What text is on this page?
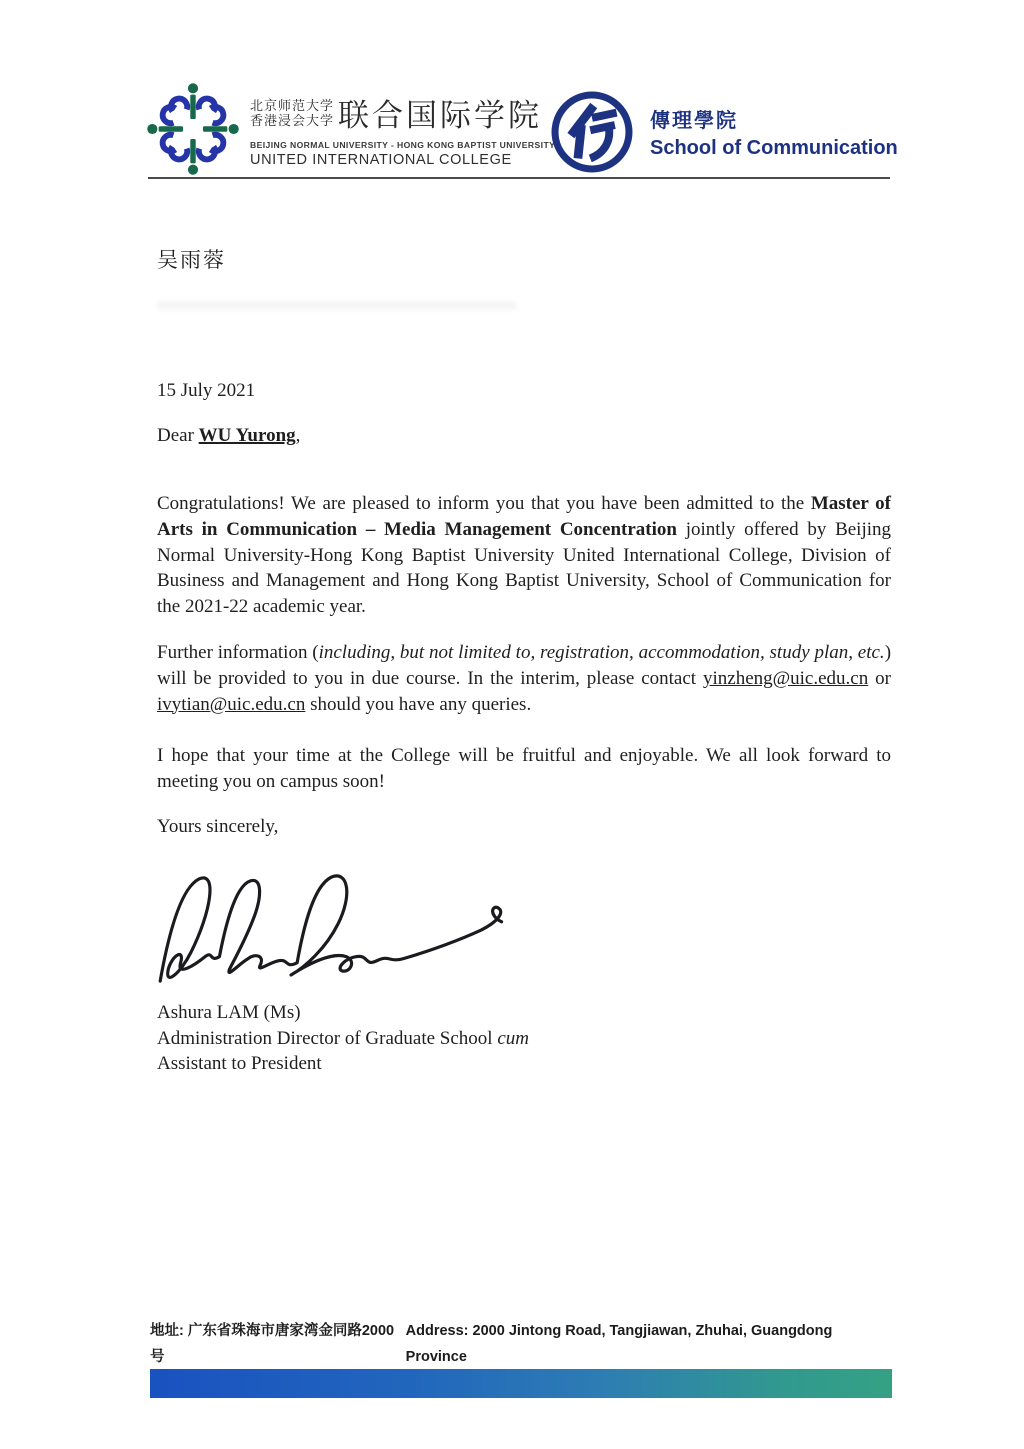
北京师范大学
香港浸会大学 联合国际学院
BEIJING NORMAL UNIVERSITY - HONG KONG BAPTIST UNIVERSITY
UNITED INTERNATIONAL COLLEGE
傳理學院
School of Communication
吴雨蓉
15 July 2021
Dear WU Yurong,

Congratulations! We are pleased to inform you that you have been admitted to the Master of Arts in Communication – Media Management Concentration jointly offered by Beijing Normal University-Hong Kong Baptist University United International College, Division of Business and Management and Hong Kong Baptist University, School of Communication for the 2021-22 academic year.

Further information (including, but not limited to, registration, accommodation, study plan, etc.) will be provided to you in due course. In the interim, please contact yinzheng@uic.edu.cn or ivytian@uic.edu.cn should you have any queries.

I hope that your time at the College will be fruitful and enjoyable. We all look forward to meeting you on campus soon!

Yours sincerely,
Ashura LAM (Ms)
Administration Director of Graduate School cum
Assistant to President
地址: 广东省珠海市唐家湾金同路2000号
Address: 2000 Jintong Road, Tangjiawan, Zhuhai, Guangdong Province
